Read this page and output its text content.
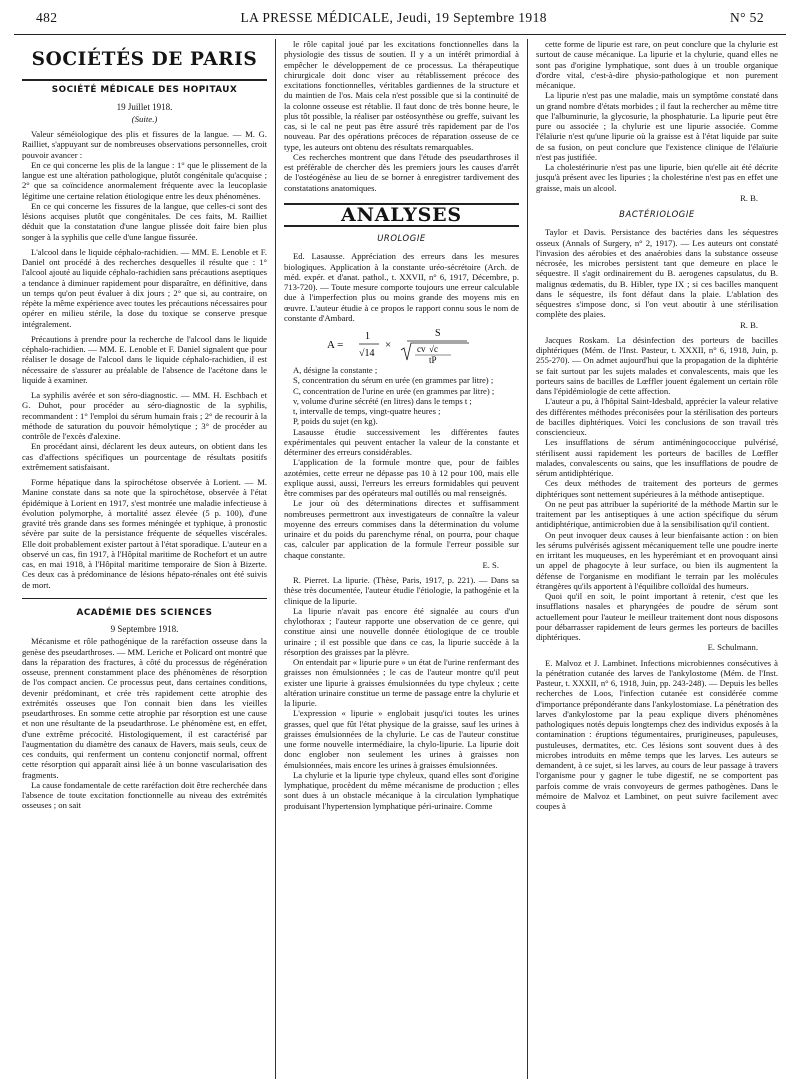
482	LA PRESSE MÉDICALE, Jeudi, 19 Septembre 1918	N° 52
SOCIÉTÉS DE PARIS
SOCIÉTÉ MÉDICALE DES HOPITAUX
19 Juillet 1918.
(Suite.)

Valeur séméiologique des plis et fissures de la langue. — M. G. Railliet, s'appuyant sur de nombreuses observations personnelles, croit pouvoir avancer :

En ce qui concerne les plis de la langue : 1° que le plissement de la langue est une altération pathologique, plutôt congénitale qu'acquise ; 2° que sa coïncidence anormalement fréquente avec la leucoplasie légitime une certaine relation étiologique entre les deux phénomènes.

En ce qui concerne les fissures de la langue, que celles-ci sont des lésions acquises plutôt que congénitales. De ces faits, M. Railliet déduit que la constatation d'une langue plissée doit faire bien plus songer à la syphilis que celle d'une langue fissurée.

L'alcool dans le liquide céphalo-rachidien. — MM. E. Lenoble et F. Daniel ont procédé à des recherches desquelles il résulte que : 1° l'alcool ajouté au liquide céphalo-rachidien sans précautions aseptiques a tendance à diminuer rapidement pour disparaître, en définitive, dans un temps qu'on peut évaluer à dix jours ; 2° que si, au contraire, on répète la même expérience avec toutes les précautions nécessaires pour opérer en milieu stérile, la dose du toxique se conserve presque intégralement.

Précautions à prendre pour la recherche de l'alcool dans le liquide céphalo-rachidien. — MM. E. Lenoble et F. Daniel signalent que pour réaliser le dosage de l'alcool dans le liquide céphalo-rachidien, il est nécessaire de s'assurer au préalable de l'absence de l'acétone dans le liquide à examiner.

La syphilis avérée et son séro-diagnostic. — MM. H. Eschbach et G. Duhot, pour procéder au séro-diagnostic de la syphilis, recommandent : 1° l'emploi du sérum humain frais ; 2° de recourir à la méthode de saturation du pouvoir hémolytique ; 3° de procéder au contrôle de l'excès d'alexine.

En procédant ainsi, déclarent les deux auteurs, on obtient dans les cas d'affections spécifiques un pourcentage de résultats positifs extrêmement satisfaisant.

Forme hépatique dans la spirochétose observée à Lorient. — M. Manine constate dans sa note que la spirochétose, observée à l'état épidémique à Lorient en 1917, s'est montrée une maladie infectieuse à évolution polymorphe, à mortalité assez élevée (5 p. 100), d'une gravité très grande dans ses formes méningée et typhique, à pronostic sévère par suite de la persistance fréquente de séquelles viscérales. Elle doit probablement exister partout à l'état sporadique. L'auteur en a observé un cas, fin 1917, à l'Hôpital maritime de Rochefort et un autre cas, en mai 1918, à l'Hôpital maritime temporaire de Sion à Bizerte. Ces deux cas à prédominance de lésions hépato-rénales ont été suivis de mort.

ACADÉMIE DES SCIENCES
9 Septembre 1918.

Mécanisme et rôle pathogénique de la raréfaction osseuse dans la genèse des pseudarthroses. — MM. Leriche et Policard ont montré que dans la réparation des fractures, à côté du processus de régénération osseuse, prennent constamment place des phénomènes de résorption de l'os compact ancien. Ce processus peut, dans certaines conditions, devenir prédominant, et crée très rapidement cette atrophie des extrémités osseuses que l'on connait bien dans les vieilles pseudarthroses. En somme cette atrophie par résorption est une cause et non une résultante de la pseudarthrose. Le phénomène est, en effet, d'une extrême précocité. Histologiquement, il est caractérisé par l'augmentation du diamètre des canaux de Havers, mais seuls, ceux de ces conduits, qui renferment un contenu conjonctif normal, offrent cette résorption qui apparaît ainsi liée à un bonne vascularisation des fragments.

La cause fondamentale de cette raréfaction doit être recherchée dans l'absence de toute excitation fonctionnelle au niveau des extrémités osseuses ; on sait

le rôle capital joué par les excitations fonctionnelles dans la physiologie des tissus de soutien. Il y a un intérêt primordial à empêcher le développement de ce processus. La thérapeutique chirurgicale doit donc viser au rétablissement précoce des excitations fonctionnelles, véritables gardiennes de la structure et du maintien de l'os. Mais cela n'est possible que si la continuité de la colonne osseuse est rétablie. Il faut donc de très bonne heure, le plus tôt possible, la réaliser par ostéosynthèse ou greffe, suivant les cas, si le cal ne peut pas être assuré très rapidement par de l'os nouveau. Par des opérations précoces de réparation osseuse de ce type, les auteurs ont obtenu des résultats remarquables.

Ces recherches montrent que dans l'étude des pseudarthroses il est préférable de chercher dès les premiers jours les causes d'arrêt de l'ostéogénèse au lieu de se borner à enregistrer tardivement des constatations anatomiques.

ANALYSES
UROLOGIE

Ed. Lasausse. Appréciation des erreurs dans les mesures biologiques. Application à la constante uréo-sécrétoire (Arch. de méd. expér. et d'anat. pathol., t. XXVII, n° 6, 1917, Décembre, p. 713-720). — Toute mesure comporte toujours une erreur calculable due à l'imperfection plus ou moins grande des moyens mis en œuvre. L'auteur étudie à ce propos le rapport connu sous le nom de constante d'Ambard.

A =
1
√14
×
S
cv √c
tP

A, désigne la constante ;

S, concentration du sérum en urée (en grammes par litre) ;

C, concentration de l'urine en urée (en grammes par litre) ;

v, volume d'urine sécrété (en litres) dans le temps t ;

t, intervalle de temps, vingt-quatre heures ;

P, poids du sujet (en kg).

Lasausse étudie successivement les différentes fautes expérimentales qui peuvent entacher la valeur de la constante et déterminer des erreurs considérables.

L'application de la formule montre que, pour de faibles azotémies, cette erreur ne dépasse pas 10 à 12 pour 100, mais elle explique aussi, aussi, l'erreurs les erreurs formidables qui peuvent être commises par des opérateurs mal outillés ou mal renseignés.

Le jour où des déterminations directes et suffisamment nombreuses permettront aux investigateurs de connaître la valeur moyenne des erreurs commises dans la détermination du volume urinaire et du poids du parenchyme rénal, on pourra, pour chaque cas, calculer par application de la formule l'erreur possible sur chaque constante.

E. S.

R. Pierret. La lipurie. (Thèse, Paris, 1917, p. 221). — Dans sa thèse très documentée, l'auteur étudie l'étiologie, la pathogénie et la clinique de la lipurie.

La lipurie n'avait pas encore été signalée au cours d'un chylothorax ; l'auteur rapporte une observation de ce genre, qui constitue ainsi une nouvelle donnée étiologique de ce trouble urinaire ; il est possible que dans ce cas, la lipurie succède à la résorption des graisses par la plèvre.

On entendait par « lipurie pure » un état de l'urine renfermant des graisses non émulsionnées ; le cas de l'auteur montre qu'il peut exister une lipurie à graisses émulsionnées du type chyleux ; cette altération urinaire constitue un terme de passage entre la chylurie et la lipurie.

L'expression « lipurie » englobait jusqu'ici toutes les urines grasses, quel que fût l'état physique de la graisse, sauf les urines à graisses émulsionnées de la chylurie. Le cas de l'auteur constitue une forme nouvelle intermédiaire, la chylo-lipurie. La lipurie doit donc englober non seulement les urines à graisses non émulsionnées, mais encore les urines à graisses émulsionnées.

La chylurie et la lipurie type chyleux, quand elles sont d'origine lymphatique, procèdent du même mécanisme de production ; elles sont dues à un obstacle mécanique à la circulation lymphatique produisant l'hypertension lymphatique péri-urinaire. Comme

cette forme de lipurie est rare, on peut conclure que la chylurie est surtout de cause mécanique. La lipurie et la chylurie, quand elles ne sont pas d'origine lymphatique, sont dues à un trouble organique d'ordre vital, c'est-à-dire physio-pathologique et non purement mécanique.

La lipurie n'est pas une maladie, mais un symptôme constaté dans un grand nombre d'états morbides ; il faut la rechercher au même titre que l'albuminurie, la glycosurie, la phosphaturie. La lipurie peut être pure ou associée ; la chylurie est une lipurie associée. Comme l'élaïurie n'est qu'une lipurie où la graisse est à l'état liquide par suite de sa fusion, on peut conclure que l'existence clinique de l'élaïurie n'est pas justifiée.

La cholestérinurie n'est pas une lipurie, bien qu'elle ait été décrite jusqu'à présent avec les lipuries ; la cholestérine n'est pas en effet une graisse, mais un alcool.

R. B.
BACTÉRIOLOGIE

Taylor et Davis. Persistance des bactéries dans les séquestres osseux (Annals of Surgery, n° 2, 1917). — Les auteurs ont constaté l'invasion des aérobies et des anaérobies dans la substance osseuse nécrosée, les microbes persistent tant que demeure en place le séquestre. Il s'agit ordinairement du B. aerogenes capsulatus, du B. malignus œdematis, du B. Hibler, type IX ; si ces bacilles manquent dans le séquestre, ils font défaut dans la plaie. L'ablation des séquestres s'impose donc, si l'on veut aboutir à une stérilisation complète des plaies.

R. B.

Jacques Roskam. La désinfection des porteurs de bacilles diphtériques (Mém. de l'Inst. Pasteur, t. XXXII, n° 6, 1918, Juin, p. 255-270). — On admet aujourd'hui que la propagation de la diphtérie se fait surtout par les sujets malades et convalescents, mais que les porteurs sains de bacilles de Lœffler jouent également un certain rôle dans l'épidémiologie de cette affection.

L'auteur a pu, à l'hôpital Saint-Idesbald, apprécier la valeur relative des différentes méthodes préconisées pour la stérilisation des porteurs de bacilles diphtériques. Voici les conclusions de son travail très consciencieux.

Les insufflations de sérum antiméningococcique pulvérisé, stérilisent aussi rapidement les porteurs de bacilles de Lœffler malades, convalescents ou sains, que les insufflations de poudre de sérum antidiphtérique.

Ces deux méthodes de traitement des porteurs de germes diphtériques sont nettement supérieures à la méthode antiseptique.

On ne peut pas attribuer la supériorité de la méthode Martin sur le traitement par les antiseptiques à une action spécifique du sérum antidiphtérique, antimicrobien due à la sensibilisation qu'il contient.

On peut invoquer deux causes à leur bienfaisante action : on bien les sérums pulvérisés agissent mécaniquement telle une poudre inerte en irritant les muqueuses, en les hyperémiant et en provoquant ainsi un appel de phagocyte à leur surface, ou bien ils augmentent la défense de l'organisme en modifiant le terrain par les molécules étrangères qu'ils apportent à l'équilibre colloïdal des humeurs.

Quoi qu'il en soit, le point important à retenir, c'est que les insufflations nasales et pharyngées de poudre de sérum sont actuellement pour l'auteur le meilleur traitement dont nous disposons pour débarrasser rapidement de leurs germes les porteurs de bacilles diphtériques.

E. Schulmann.

E. Malvoz et J. Lambinet. Infections microbiennes consécutives à la pénétration cutanée des larves de l'ankylostome (Mém. de l'Inst. Pasteur, t. XXXII, n° 6, 1918, Juin, pp. 243-248). — Depuis les belles recherches de Loos, l'infection cutanée est considérée comme d'importance prépondérante dans l'ankylostomiase. La pénétration des larves d'ankylostome par la peau explique divers phénomènes pathologiques notés depuis longtemps chez des individus exposés à la contamination : éruptions tégumentaires, prurigineuses, papuleuses, pustuleuses, dermatites, etc. Ces lésions sont souvent dues à des microbes introduits en même temps que les larves. Les auteurs se demandent, à ce sujet, si les larves, au cours de leur passage à travers l'organisme pour y gagner le tube digestif, ne se comportent pas parfois comme de vrais convoyeurs de germes pathogènes. Dans le mémoire de Malvoz et Lambinet, on peut suivre facilement avec coupes à
